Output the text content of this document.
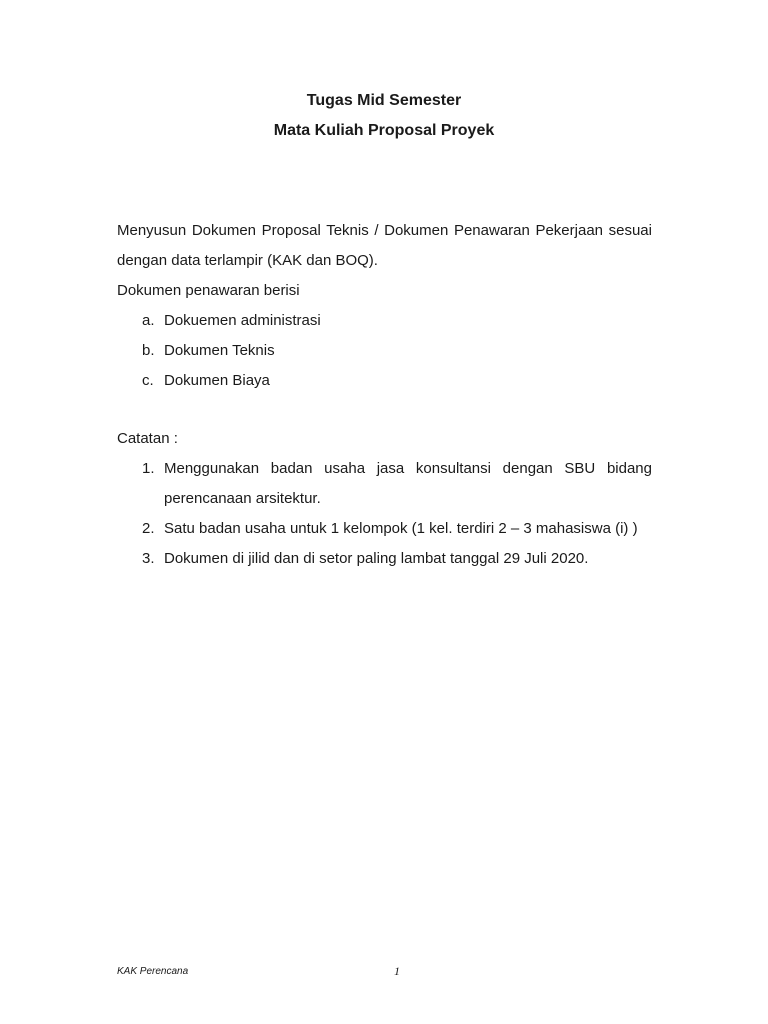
Tugas Mid Semester
Mata Kuliah Proposal Proyek
Menyusun Dokumen Proposal Teknis / Dokumen Penawaran Pekerjaan sesuai
dengan data terlampir (KAK dan BOQ).
Dokumen penawaran berisi
a. Dokuemen administrasi
b. Dokumen Teknis
c. Dokumen Biaya
Catatan :
1. Menggunakan badan usaha jasa konsultansi dengan SBU bidang
perencanaan arsitektur.
2. Satu badan usaha untuk 1 kelompok (1 kel. terdiri 2 – 3 mahasiswa (i) )
3. Dokumen di jilid dan di setor paling lambat tanggal 29 Juli 2020.
KAK Perencana	1
